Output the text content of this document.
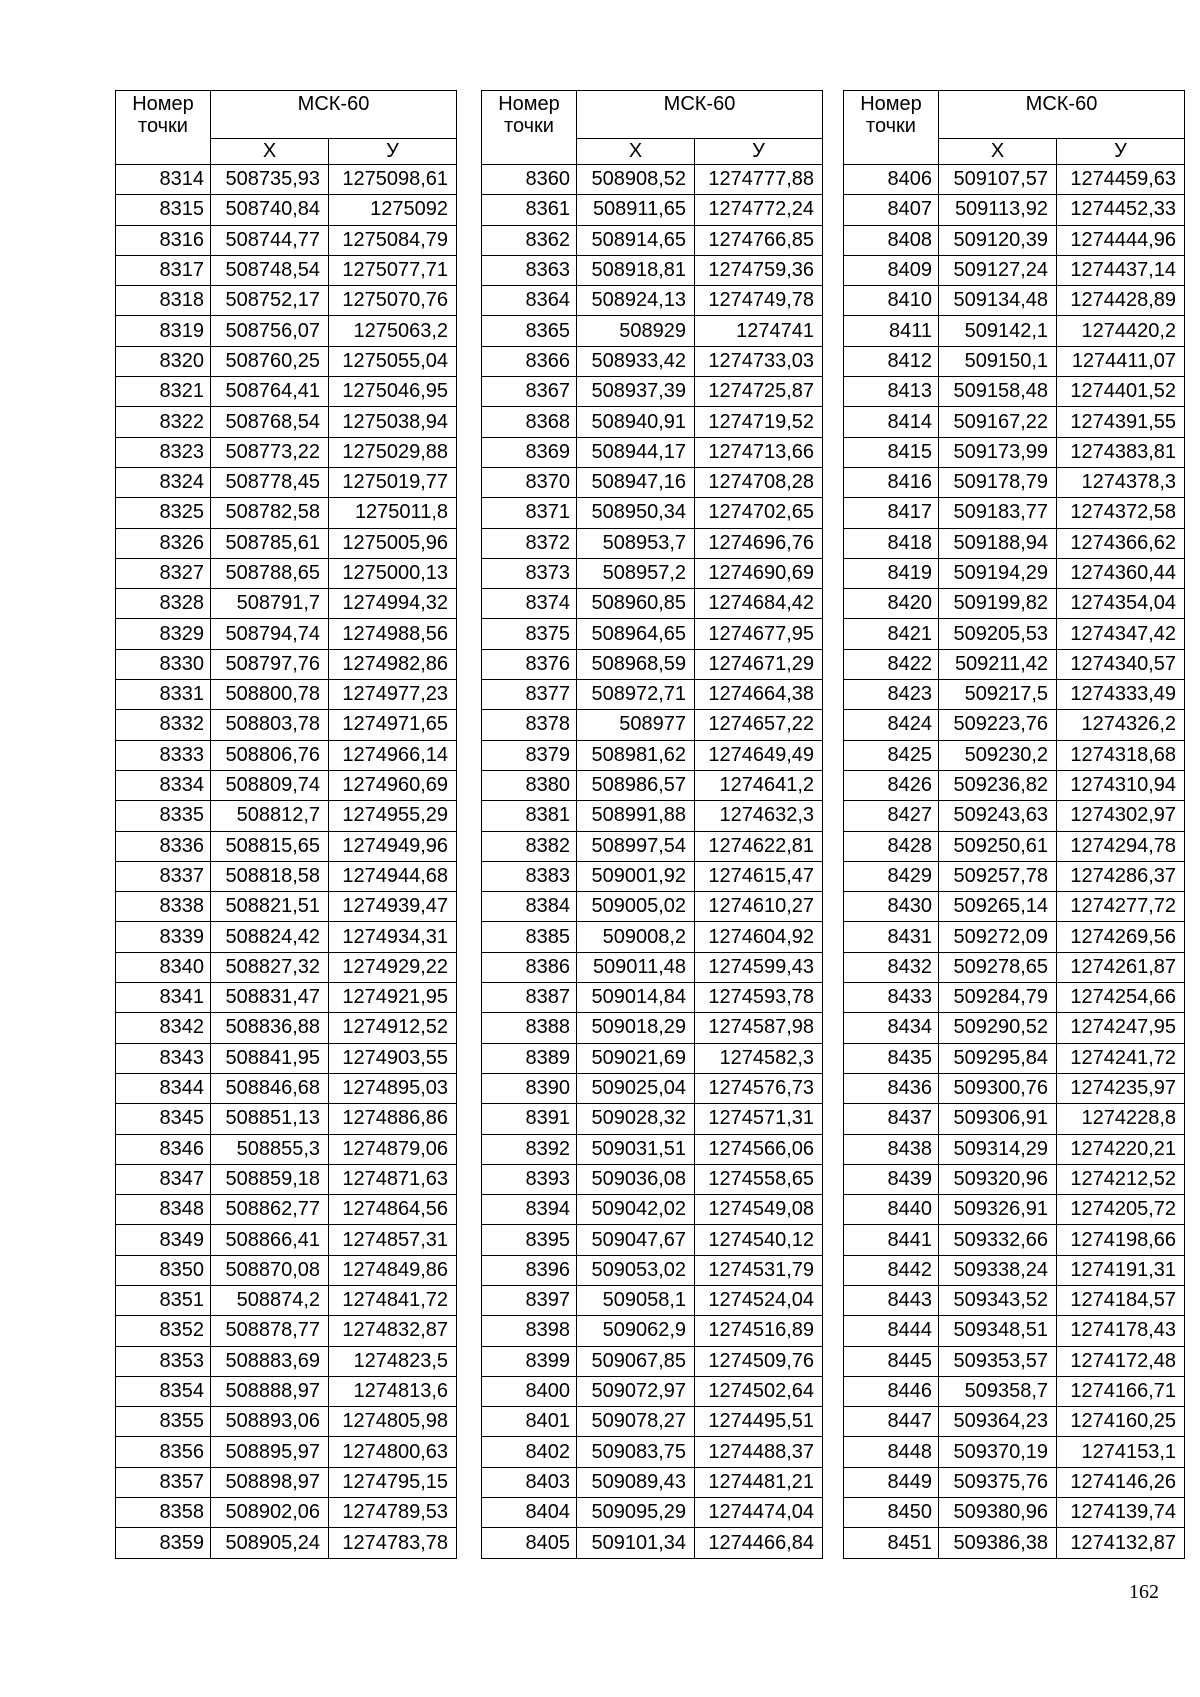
Номер точки	МСК-60	
	Х	У
8314	508735,93	1275098,61
8315	508740,84	1275092
8316	508744,77	1275084,79
8317	508748,54	1275077,71
8318	508752,17	1275070,76
8319	508756,07	1275063,2
8320	508760,25	1275055,04
8321	508764,41	1275046,95
8322	508768,54	1275038,94
8323	508773,22	1275029,88
8324	508778,45	1275019,77
8325	508782,58	1275011,8
8326	508785,61	1275005,96
8327	508788,65	1275000,13
8328	508791,7	1274994,32
8329	508794,74	1274988,56
8330	508797,76	1274982,86
8331	508800,78	1274977,23
8332	508803,78	1274971,65
8333	508806,76	1274966,14
8334	508809,74	1274960,69
8335	508812,7	1274955,29
8336	508815,65	1274949,96
8337	508818,58	1274944,68
8338	508821,51	1274939,47
8339	508824,42	1274934,31
8340	508827,32	1274929,22
8341	508831,47	1274921,95
8342	508836,88	1274912,52
8343	508841,95	1274903,55
8344	508846,68	1274895,03
8345	508851,13	1274886,86
8346	508855,3	1274879,06
8347	508859,18	1274871,63
8348	508862,77	1274864,56
8349	508866,41	1274857,31
8350	508870,08	1274849,86
8351	508874,2	1274841,72
8352	508878,77	1274832,87
8353	508883,69	1274823,5
8354	508888,97	1274813,6
8355	508893,06	1274805,98
8356	508895,97	1274800,63
8357	508898,97	1274795,15
8358	508902,06	1274789,53
8359	508905,24	1274783,78
Номер точки	МСК-60	
	Х	У
8360	508908,52	1274777,88
8361	508911,65	1274772,24
8362	508914,65	1274766,85
8363	508918,81	1274759,36
8364	508924,13	1274749,78
8365	508929	1274741
8366	508933,42	1274733,03
8367	508937,39	1274725,87
8368	508940,91	1274719,52
8369	508944,17	1274713,66
8370	508947,16	1274708,28
8371	508950,34	1274702,65
8372	508953,7	1274696,76
8373	508957,2	1274690,69
8374	508960,85	1274684,42
8375	508964,65	1274677,95
8376	508968,59	1274671,29
8377	508972,71	1274664,38
8378	508977	1274657,22
8379	508981,62	1274649,49
8380	508986,57	1274641,2
8381	508991,88	1274632,3
8382	508997,54	1274622,81
8383	509001,92	1274615,47
8384	509005,02	1274610,27
8385	509008,2	1274604,92
8386	509011,48	1274599,43
8387	509014,84	1274593,78
8388	509018,29	1274587,98
8389	509021,69	1274582,3
8390	509025,04	1274576,73
8391	509028,32	1274571,31
8392	509031,51	1274566,06
8393	509036,08	1274558,65
8394	509042,02	1274549,08
8395	509047,67	1274540,12
8396	509053,02	1274531,79
8397	509058,1	1274524,04
8398	509062,9	1274516,89
8399	509067,85	1274509,76
8400	509072,97	1274502,64
8401	509078,27	1274495,51
8402	509083,75	1274488,37
8403	509089,43	1274481,21
8404	509095,29	1274474,04
8405	509101,34	1274466,84
Номер точки	МСК-60	
	Х	У
8406	509107,57	1274459,63
8407	509113,92	1274452,33
8408	509120,39	1274444,96
8409	509127,24	1274437,14
8410	509134,48	1274428,89
8411	509142,1	1274420,2
8412	509150,1	1274411,07
8413	509158,48	1274401,52
8414	509167,22	1274391,55
8415	509173,99	1274383,81
8416	509178,79	1274378,3
8417	509183,77	1274372,58
8418	509188,94	1274366,62
8419	509194,29	1274360,44
8420	509199,82	1274354,04
8421	509205,53	1274347,42
8422	509211,42	1274340,57
8423	509217,5	1274333,49
8424	509223,76	1274326,2
8425	509230,2	1274318,68
8426	509236,82	1274310,94
8427	509243,63	1274302,97
8428	509250,61	1274294,78
8429	509257,78	1274286,37
8430	509265,14	1274277,72
8431	509272,09	1274269,56
8432	509278,65	1274261,87
8433	509284,79	1274254,66
8434	509290,52	1274247,95
8435	509295,84	1274241,72
8436	509300,76	1274235,97
8437	509306,91	1274228,8
8438	509314,29	1274220,21
8439	509320,96	1274212,52
8440	509326,91	1274205,72
8441	509332,66	1274198,66
8442	509338,24	1274191,31
8443	509343,52	1274184,57
8444	509348,51	1274178,43
8445	509353,57	1274172,48
8446	509358,7	1274166,71
8447	509364,23	1274160,25
8448	509370,19	1274153,1
8449	509375,76	1274146,26
8450	509380,96	1274139,74
8451	509386,38	1274132,87
162
